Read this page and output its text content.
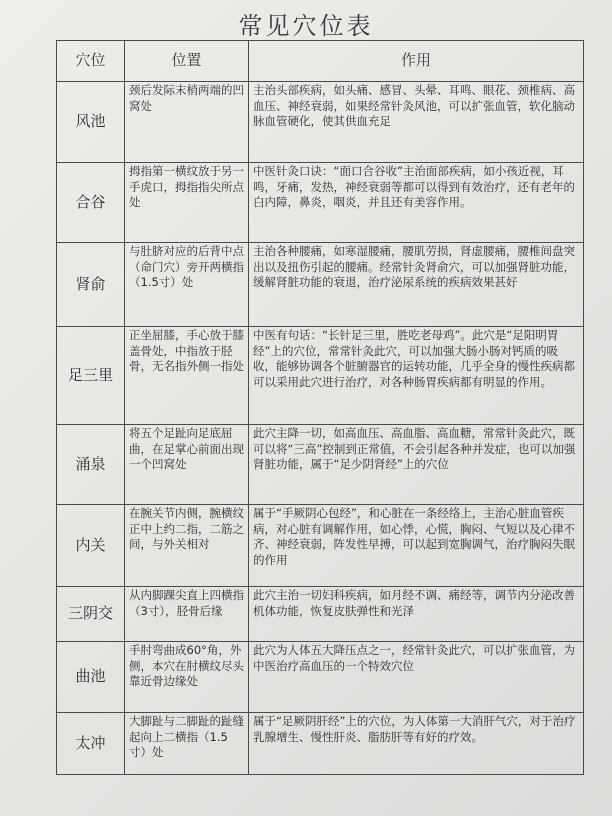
常见穴位表
穴位	位置	作用
风池	颈后发际末梢两端的凹窝处	主治头部疾病，如头痛、感冒、头晕、耳鸣、眼花、颈椎病、高血压、神经衰弱，如果经常针灸风池，可以扩张血管，软化脑动脉血管硬化，使其供血充足
合谷	拇指第一横纹放于另一手虎口，拇指指尖所点处	中医针灸口诀：“面口合谷收”主治面部疾病，如小孩近视，耳鸣，牙痛，发热，神经衰弱等都可以得到有效治疗，还有老年的白内障，鼻炎，咽炎，并且还有美容作用。
肾俞	与肚脐对应的后背中点（命门穴）旁开两横指（1.5寸）处	主治各种腰痛，如寒湿腰痛，腰肌劳损，肾虚腰痛，腰椎间盘突出以及扭伤引起的腰痛。经常针灸肾俞穴，可以加强肾脏功能，缓解肾脏功能的衰退，治疗泌尿系统的疾病效果甚好
足三里	正坐屈膝，手心放于膝盖骨处，中指放于胫骨，无名指外侧一指处	中医有句话：“长针足三里，胜吃老母鸡”。此穴是“足阳明胃经”上的穴位，常常针灸此穴，可以加强大肠小肠对钙质的吸收，能够协调各个脏腑器官的运转功能，几乎全身的慢性疾病都可以采用此穴进行治疗，对各种肠胃疾病都有明显的作用。
涌泉	将五个足趾向足底屈曲，在足掌心前面出现一个凹窝处	此穴主降一切，如高血压、高血脂、高血糖，常常针灸此穴，既可以将“三高”控制到正常值，不会引起各种并发症，也可以加强肾脏功能，属于“足少阴肾经”上的穴位
内关	在腕关节内侧，腕横纹正中上约二指，二筋之间，与外关相对	属于“手厥阴心包经”，和心脏在一条经络上，主治心脏血管疾病，对心脏有调解作用，如心悸，心慌，胸闷、气短以及心律不齐、神经衰弱，阵发性早搏，可以起到宽胸调气，治疗胸闷失眠的作用
三阴交	从内脚踝尖直上四横指（3寸），胫骨后缘	此穴主治一切妇科疾病，如月经不调、痛经等，调节内分泌改善机体功能，恢复皮肤弹性和光泽
曲池	手肘弯曲成60°角，外侧，本穴在肘横纹尽头靠近骨边缘处	此穴为人体五大降压点之一，经常针灸此穴，可以扩张血管，为中医治疗高血压的一个特效穴位
太冲	大脚趾与二脚趾的趾缝起向上二横指（1.5寸）处	属于“足厥阴肝经”上的穴位，为人体第一大消肝气穴，对于治疗乳腺增生、慢性肝炎、脂肪肝等有好的疗效。
